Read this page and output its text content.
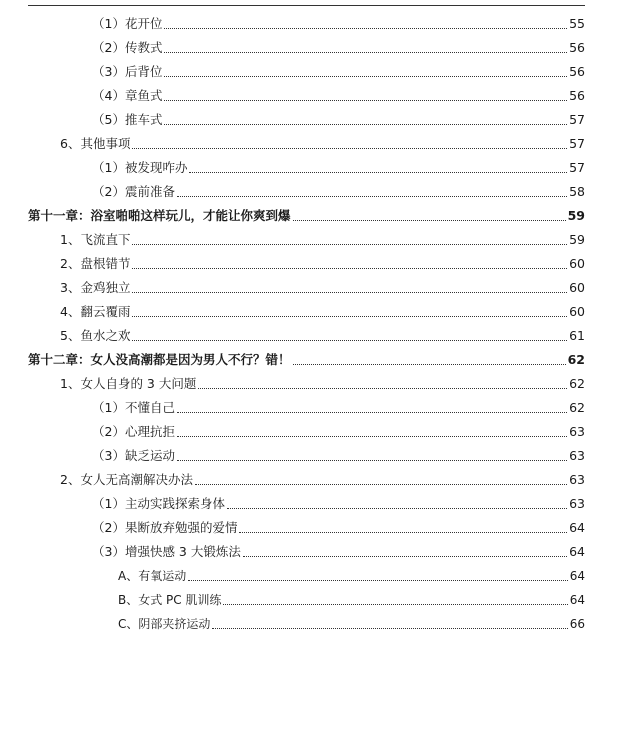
（1）花开位	55
（2）传教式	56
（3）后背位	56
（4）章鱼式	56
（5）推车式	57
6、其他事项	57
（1）被发现咋办	57
（2）震前准备	58
第十一章：浴室啪啪这样玩儿，才能让你爽到爆	59
1、飞流直下	59
2、盘根错节	60
3、金鸡独立	60
4、翻云覆雨	60
5、鱼水之欢	61
第十二章：女人没高潮都是因为男人不行？错！	62
1、女人自身的 3 大问题	62
（1）不懂自己	62
（2）心理抗拒	63
（3）缺乏运动	63
2、女人无高潮解决办法	63
（1）主动实践探索身体	63
（2）果断放弃勉强的爱情	64
（3）增强快感 3 大锻炼法	64
A、有氧运动	64
B、女式 PC 肌训练	64
C、阴部夹挤运动	66
